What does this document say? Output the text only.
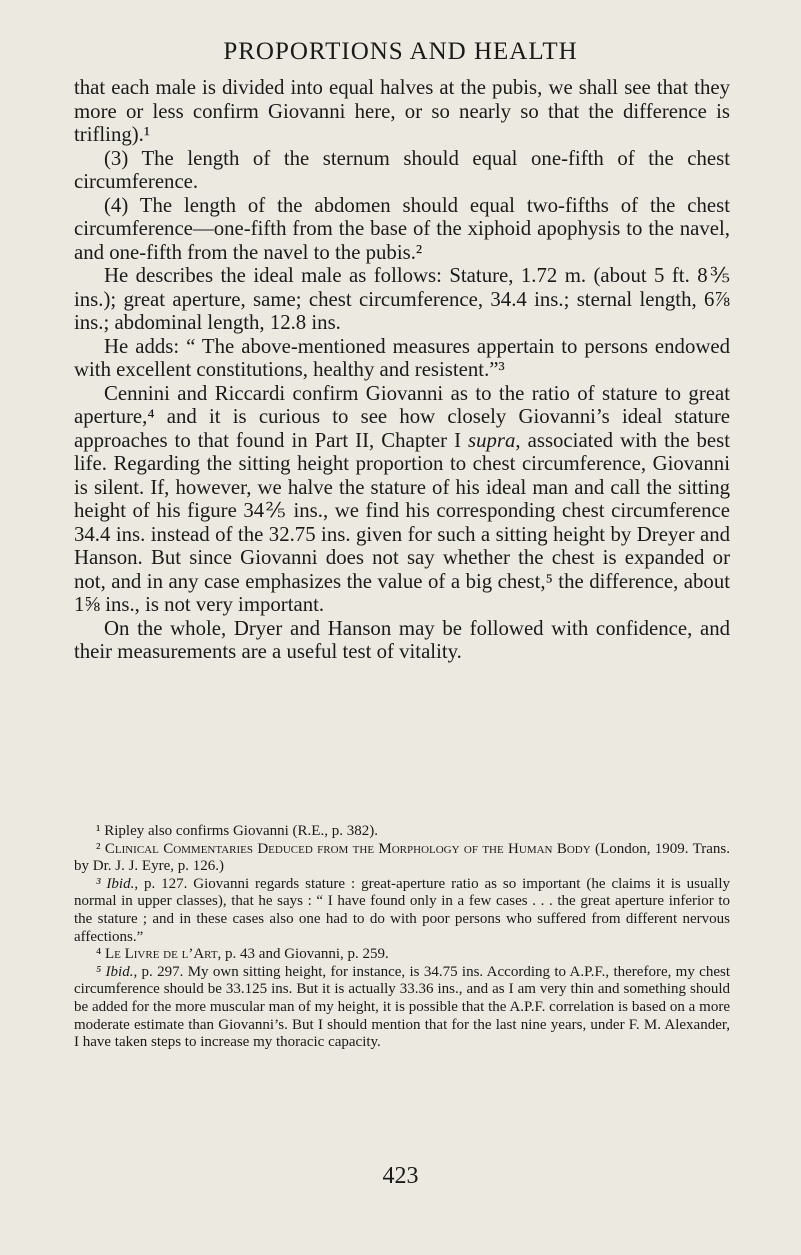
PROPORTIONS AND HEALTH

that each male is divided into equal halves at the pubis, we shall see that they more or less confirm Giovanni here, or so nearly so that the difference is trifling).¹

(3) The length of the sternum should equal one-fifth of the chest circumference.

(4) The length of the abdomen should equal two-fifths of the chest circumference—one-fifth from the base of the xiphoid apophysis to the navel, and one-fifth from the navel to the pubis.²

He describes the ideal male as follows: Stature, 1.72 m. (about 5 ft. 8⅗ ins.); great aperture, same; chest circumference, 34.4 ins.; sternal length, 6⅞ ins.; abdominal length, 12.8 ins.

He adds: “ The above-mentioned measures appertain to persons endowed with excellent constitutions, healthy and resistent.”³

Cennini and Riccardi confirm Giovanni as to the ratio of stature to great aperture,⁴ and it is curious to see how closely Giovanni’s ideal stature approaches to that found in Part II, Chapter I supra, associated with the best life. Regarding the sitting height proportion to chest circumference, Giovanni is silent. If, however, we halve the stature of his ideal man and call the sitting height of his figure 34⅖ ins., we find his corresponding chest circumference 34.4 ins. instead of the 32.75 ins. given for such a sitting height by Dreyer and Hanson. But since Giovanni does not say whether the chest is expanded or not, and in any case emphasizes the value of a big chest,⁵ the difference, about 1⅝ ins., is not very important.

On the whole, Dryer and Hanson may be followed with confidence, and their measurements are a useful test of vitality.

¹ Ripley also confirms Giovanni (R.E., p. 382).

² Clinical Commentaries Deduced from the Morphology of the Human Body (London, 1909. Trans. by Dr. J. J. Eyre, p. 126.)

³ Ibid., p. 127. Giovanni regards stature : great-aperture ratio as so important (he claims it is usually normal in upper classes), that he says : “ I have found only in a few cases . . . the great aperture inferior to the stature ; and in these cases also one had to do with poor persons who suffered from different nervous affections.”

⁴ Le Livre de l’Art, p. 43 and Giovanni, p. 259.

⁵ Ibid., p. 297. My own sitting height, for instance, is 34.75 ins. According to A.P.F., therefore, my chest circumference should be 33.125 ins. But it is actually 33.36 ins., and as I am very thin and something should be added for the more muscular man of my height, it is possible that the A.P.F. correlation is based on a more moderate estimate than Giovanni’s. But I should mention that for the last nine years, under F. M. Alexander, I have taken steps to increase my thoracic capacity.

423
